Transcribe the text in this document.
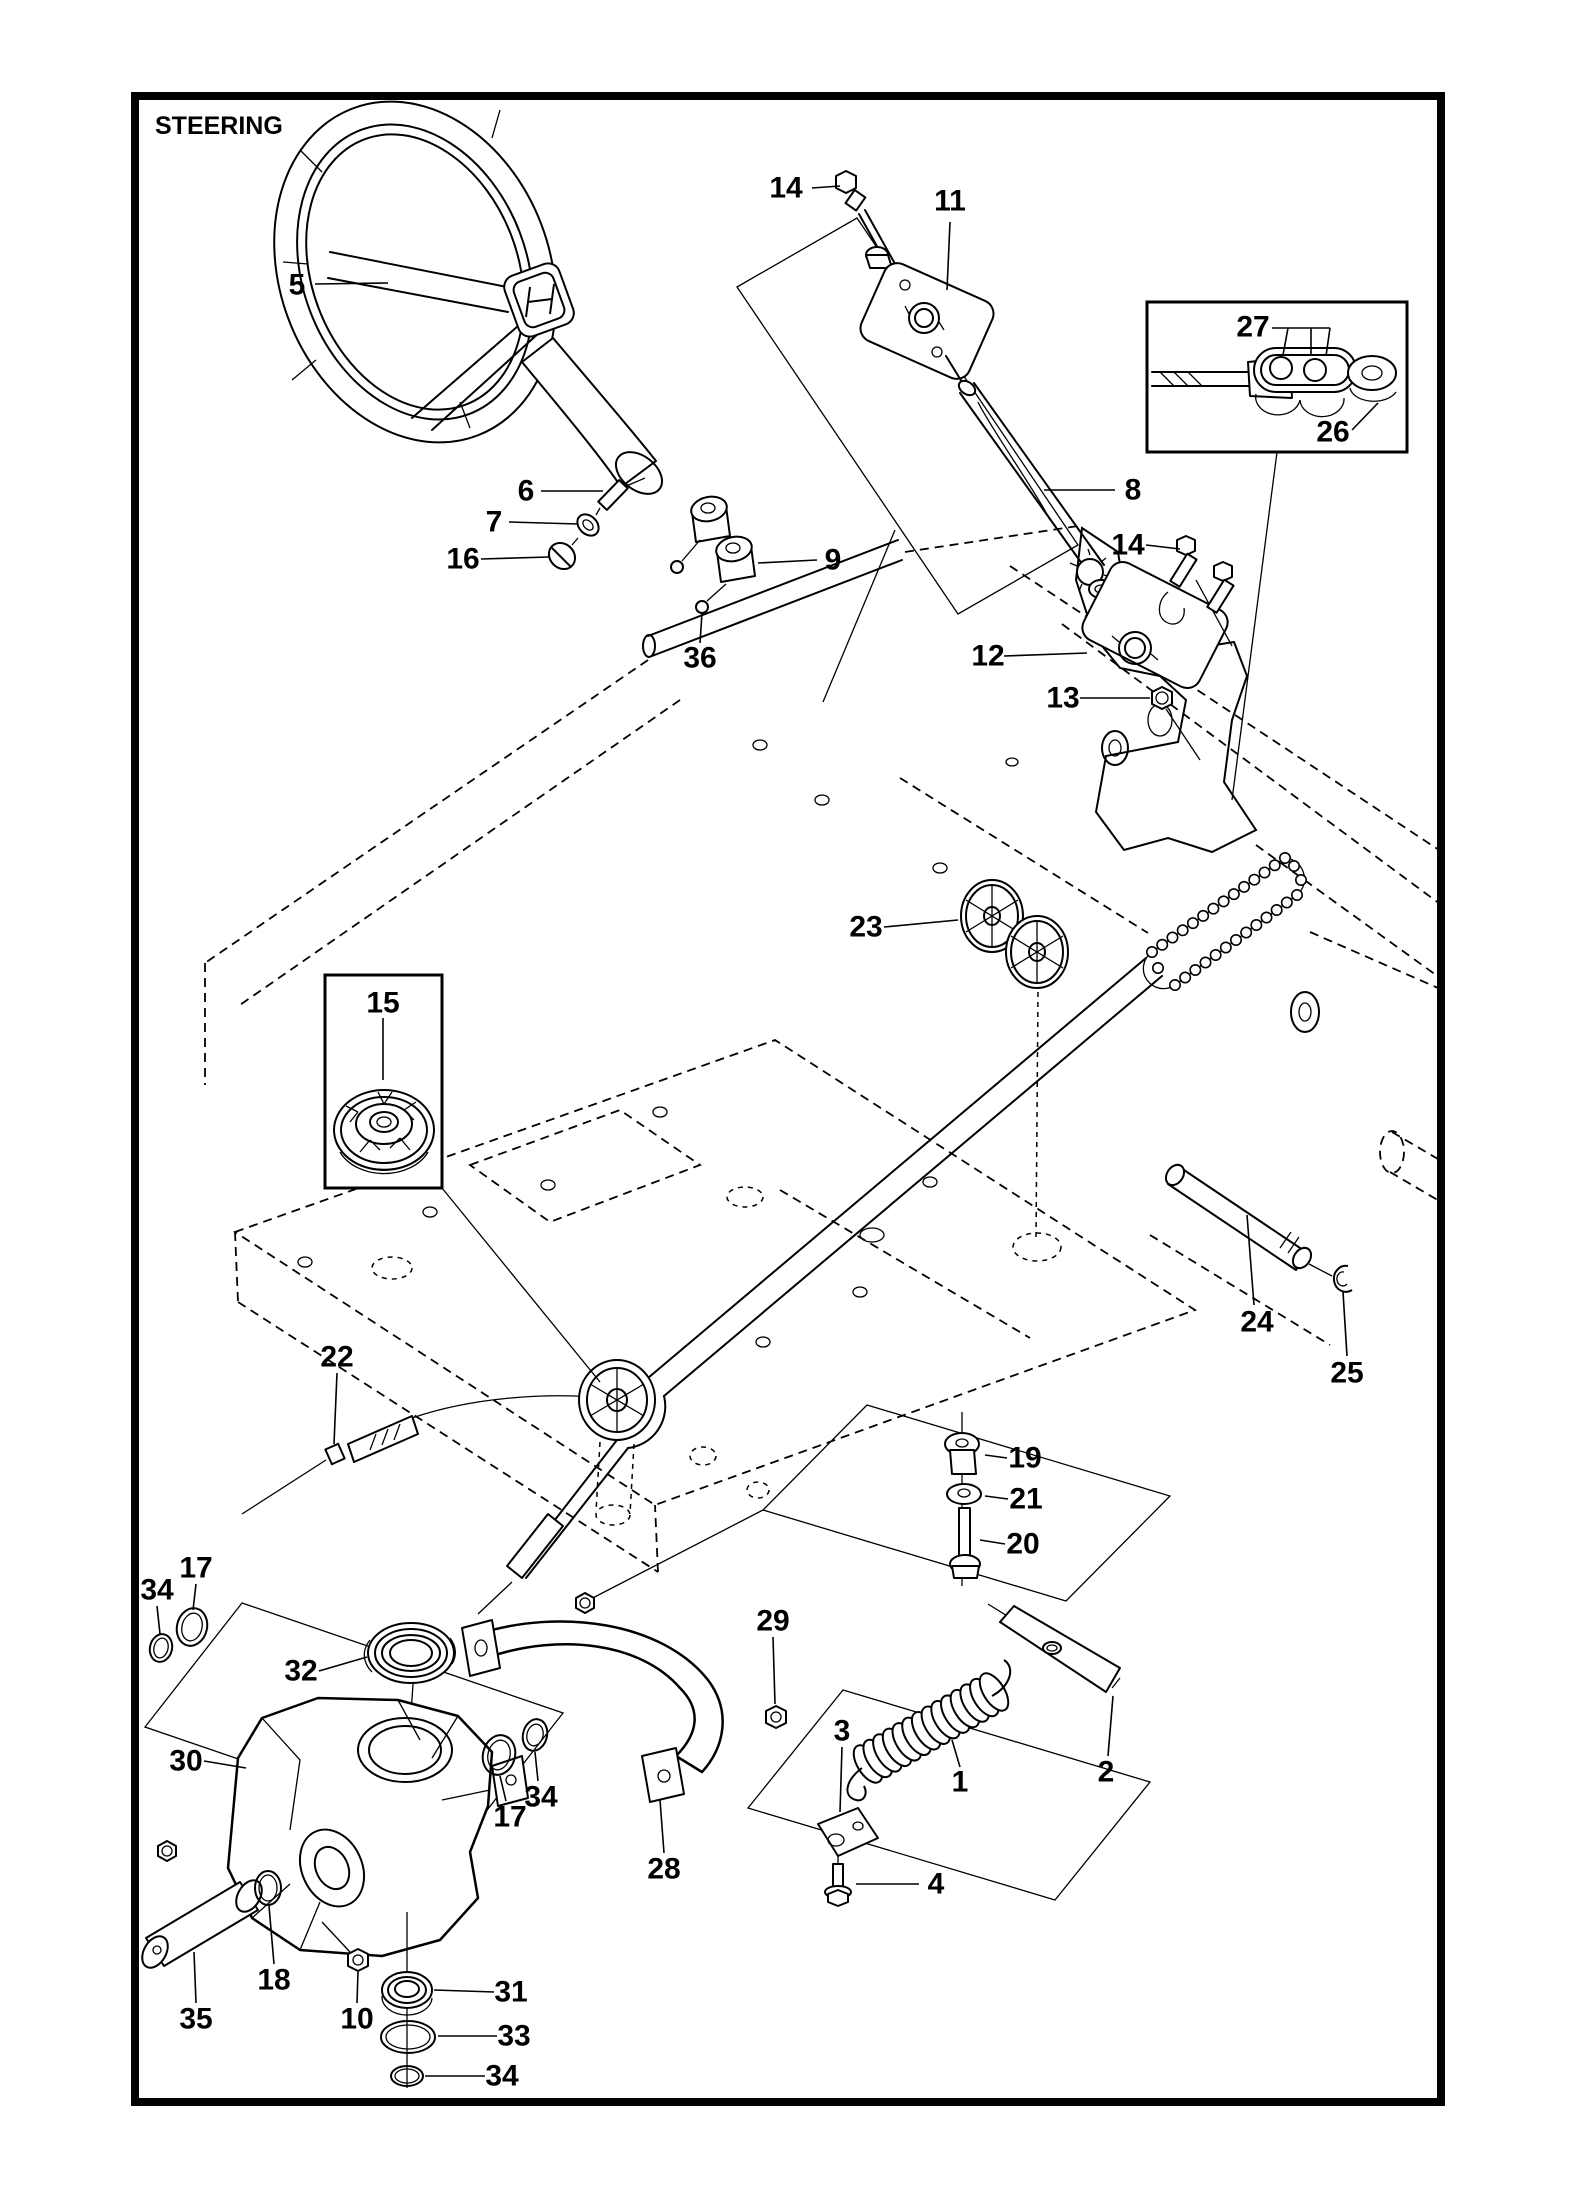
STEERING
5
14	11
27
26
8
14
6
7
16	9
36	12
13
23
15
22
24
25
19
21
20
29
3
1	2
4
28
17
34
32
30
34
17
35
18
10
31
33
34
